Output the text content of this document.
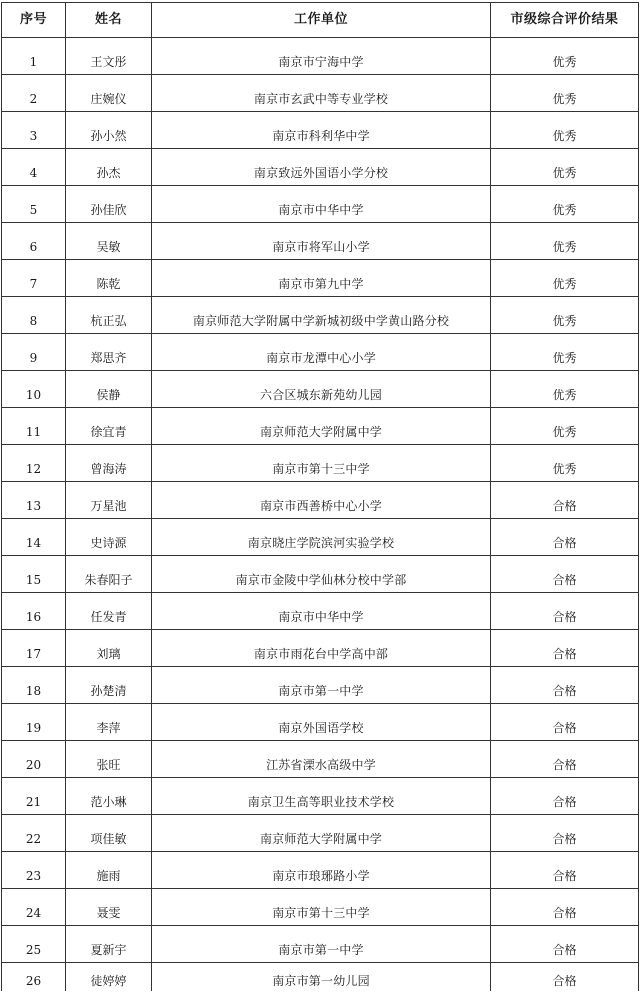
序号	姓名	工作单位	市级综合评价结果
1	王文彤	南京市宁海中学	优秀
2	庄婉仪	南京市玄武中等专业学校	优秀
3	孙小然	南京市科利华中学	优秀
4	孙杰	南京致远外国语小学分校	优秀
5	孙佳欣	南京市中华中学	优秀
6	吴敏	南京市将军山小学	优秀
7	陈乾	南京市第九中学	优秀
8	杭正弘	南京师范大学附属中学新城初级中学黄山路分校	优秀
9	郑思齐	南京市龙潭中心小学	优秀
10	侯静	六合区城东新苑幼儿园	优秀
11	徐宜青	南京师范大学附属中学	优秀
12	曾海涛	南京市第十三中学	优秀
13	万星池	南京市西善桥中心小学	合格
14	史诗源	南京晓庄学院滨河实验学校	合格
15	朱春阳子	南京市金陵中学仙林分校中学部	合格
16	任发青	南京市中华中学	合格
17	刘璃	南京市雨花台中学高中部	合格
18	孙楚清	南京市第一中学	合格
19	李萍	南京外国语学校	合格
20	张旺	江苏省溧水高级中学	合格
21	范小琳	南京卫生高等职业技术学校	合格
22	项佳敏	南京师范大学附属中学	合格
23	施雨	南京市琅琊路小学	合格
24	聂雯	南京市第十三中学	合格
25	夏新宇	南京市第一中学	合格
26	徒婷婷	南京市第一幼儿园	合格
